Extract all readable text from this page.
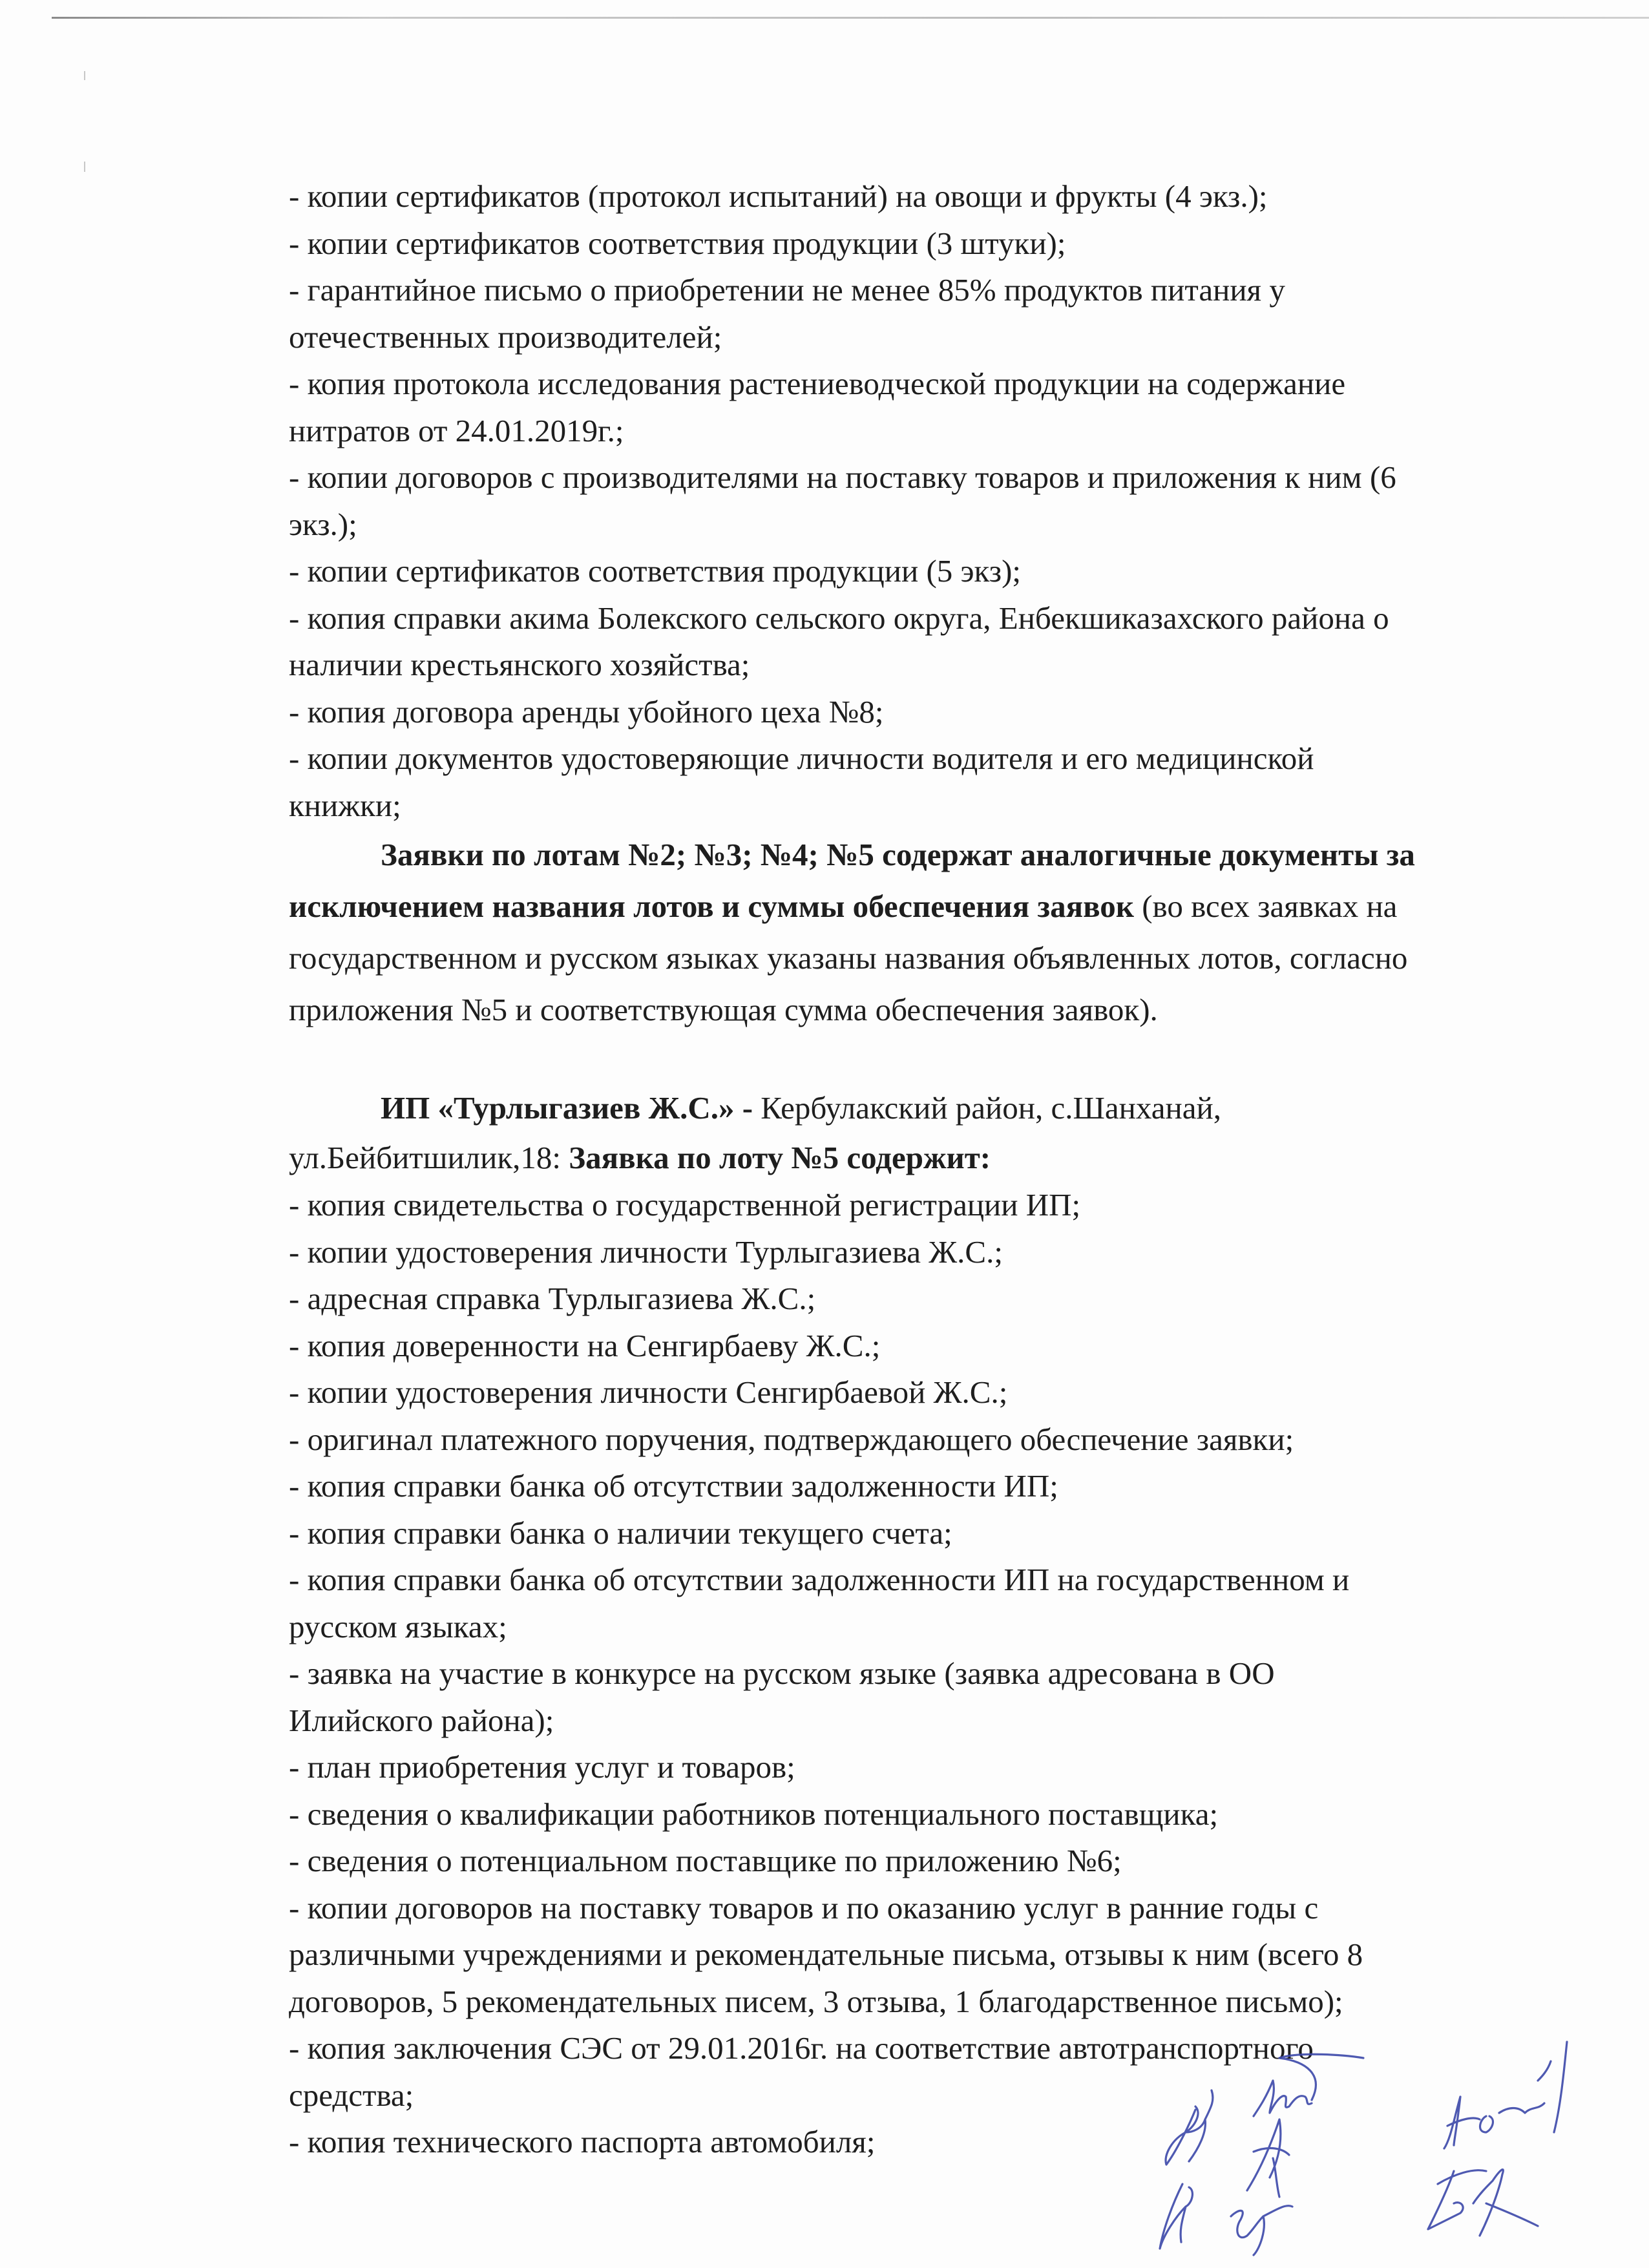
- копии сертификатов (протокол испытаний) на овощи и фрукты (4 экз.);
- копии сертификатов соответствия продукции (3 штуки);
- гарантийное письмо о приобретении не менее 85% продуктов питания у
отечественных производителей;
- копия протокола исследования растениеводческой продукции на содержание
нитратов от 24.01.2019г.;
- копии договоров с производителями на поставку товаров и приложения к ним (6
экз.);
- копии сертификатов соответствия продукции (5 экз);
- копия справки акима Болекского сельского округа, Енбекшиказахского района о
наличии крестьянского хозяйства;
- копия договора аренды убойного цеха №8;
- копии документов удостоверяющие личности водителя и его медицинской
книжки;
Заявки по лотам №2; №3; №4; №5 содержат аналогичные документы за
исключением названия лотов и суммы обеспечения заявок (во всех заявках на
государственном и русском языках указаны названия объявленных лотов, согласно
приложения №5 и соответствующая сумма обеспечения заявок).
ИП «Турлыгазиев Ж.С.» - Кербулакский район, с.Шанханай,
ул.Бейбитшилик,18: Заявка по лоту №5 содержит:
- копия свидетельства о государственной регистрации ИП;
- копии удостоверения личности Турлыгазиева Ж.С.;
- адресная справка Турлыгазиева Ж.С.;
- копия доверенности на Сенгирбаеву Ж.С.;
- копии удостоверения личности Сенгирбаевой Ж.С.;
- оригинал платежного поручения, подтверждающего обеспечение заявки;
- копия справки банка об отсутствии задолженности ИП;
- копия справки банка о наличии текущего счета;
- копия справки банка об отсутствии задолженности ИП на государственном и
русском языках;
- заявка на участие в конкурсе на русском языке (заявка адресована в ОО
Илийского района);
- план приобретения услуг и товаров;
- сведения о квалификации работников потенциального поставщика;
- сведения о потенциальном поставщике по приложению №6;
- копии договоров на поставку товаров и по оказанию услуг в ранние годы с
различными учреждениями и рекомендательные письма, отзывы к ним (всего 8
договоров, 5 рекомендательных писем, 3 отзыва, 1 благодарственное письмо);
- копия заключения СЭС от 29.01.2016г. на соответствие автотранспортного
средства;
- копия технического паспорта автомобиля;
